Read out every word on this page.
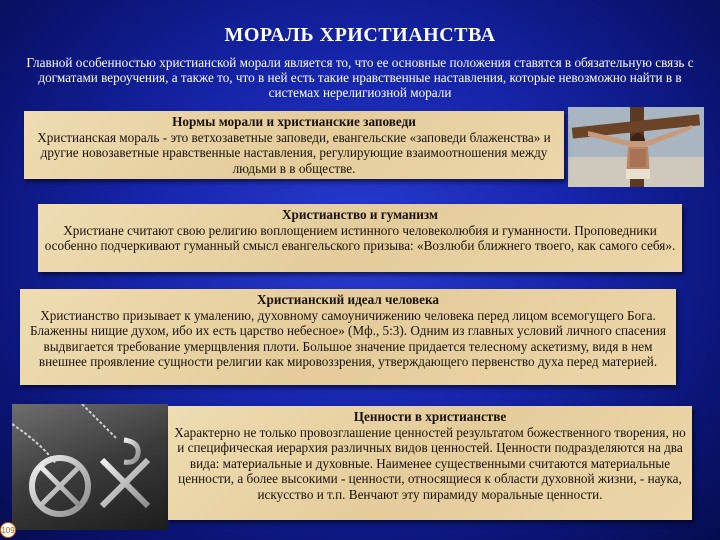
МОРАЛЬ ХРИСТИАНСТВА
Главной особенностью христианской морали является то, что ее основные положения ставятся в обязательную связь с догматами вероучения, а также то, что в ней есть такие нравственные наставления, которые невозможно найти в в системах нерелигиозной морали
Нормы морали и христианские заповеди
Христианская мораль - это ветхозаветные заповеди, евангельские «заповеди блаженства» и другие новозаветные нравственные наставления, регулирующие взаимоотношения между людьми в в обществе.
Христианство и гуманизм
Христиане считают свою религию воплощением истинного человеколюбия и гуманности. Проповедники особенно подчеркивают гуманный смысл евангельского призыва: «Возлюби ближнего твоего, как самого себя».
Христианский идеал человека
Христианство призывает к умалению, духовному самоуничижению человека перед лицом всемогущего Бога. Блаженны нищие духом, ибо их есть царство небесное» (Мф., 5:3). Одним из главных условий личного спасения выдвигается требование умерщвления плоти. Большое значение придается телесному аскетизму, видя в нем внешнее проявление сущности религии как мировоззрения, утверждающего первенство духа перед материей.
Ценности в христианстве
Характерно не только провозглашение ценностей результатом божественного творения, но и специфическая иерархия различных видов ценностей. Ценности подразделяются на два вида: материальные и духовные. Наименее существенными считаются материальные ценности, а более высокими - ценности, относящиеся к области духовной жизни, - наука, искусство и т.п. Венчают эту пирамиду моральные ценности.
109
